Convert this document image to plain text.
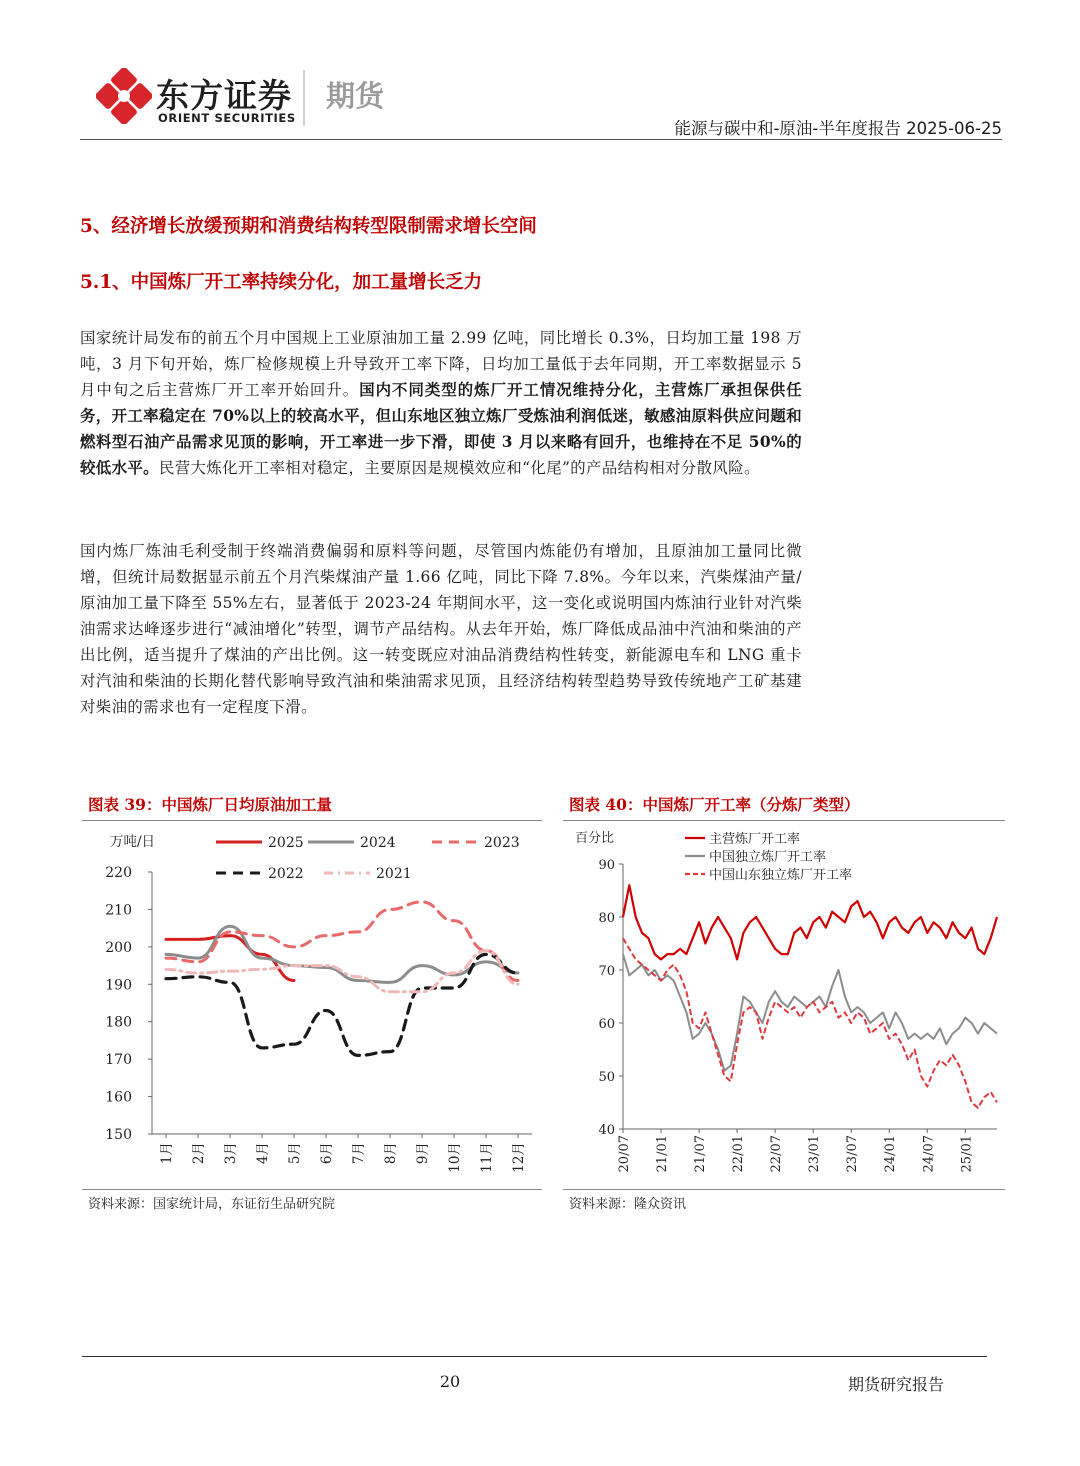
东方证券
ORIENT SECURITIES
期货
能源与碳中和-原油-半年度报告 2025-06-25
5、经济增长放缓预期和消费结构转型限制需求增长空间
5.1、中国炼厂开工率持续分化，加工量增长乏力
国家统计局发布的前五个月中国规上工业原油加工量 2.99 亿吨，同比增长 0.3%，日均加工量 198 万吨，3 月下旬开始，炼厂检修规模上升导致开工率下降，日均加工量低于去年同期，开工率数据显示 5 月中旬之后主营炼厂开工率开始回升。国内不同类型的炼厂开工情况维持分化，主营炼厂承担保供任务，开工率稳定在 70%以上的较高水平，但山东地区独立炼厂受炼油利润低迷，敏感油原料供应问题和燃料型石油产品需求见顶的影响，开工率进一步下滑，即使 3 月以来略有回升，也维持在不足 50%的较低水平。民营大炼化开工率相对稳定，主要原因是规模效应和“化尾”的产品结构相对分散风险。
国内炼厂炼油毛利受制于终端消费偏弱和原料等问题，尽管国内炼能仍有增加，且原油加工量同比微增，但统计局数据显示前五个月汽柴煤油产量 1.66 亿吨，同比下降 7.8%。今年以来，汽柴煤油产量/原油加工量下降至 55%左右，显著低于 2023-24 年期间水平，这一变化或说明国内炼油行业针对汽柴油需求达峰逐步进行“减油增化”转型，调节产品结构。从去年开始，炼厂降低成品油中汽油和柴油的产出比例，适当提升了煤油的产出比例。这一转变既应对油品消费结构性转变，新能源电车和 LNG 重卡对汽油和柴油的长期化替代影响导致汽油和柴油需求见顶，且经济结构转型趋势导致传统地产工矿基建对柴油的需求也有一定程度下滑。
图表 39：中国炼厂日均原油加工量
万吨/日
150
160
170
180
190
200
210
220
1月 2月 3月 4月 5月 6月 7月 8月 9月 10月 11月 12月
2025	2024	2023
2022	2021
资料来源：国家统计局，东证衍生品研究院
图表 40：中国炼厂开工率（分炼厂类型）
百分比
40
50
60
70
80
90
20/07 21/01 21/07 22/01 22/07 23/01 23/07 24/01 24/07 25/01
主营炼厂开工率
中国独立炼厂开工率
中国山东独立炼厂开工率
资料来源：隆众资讯
20	期货研究报告
